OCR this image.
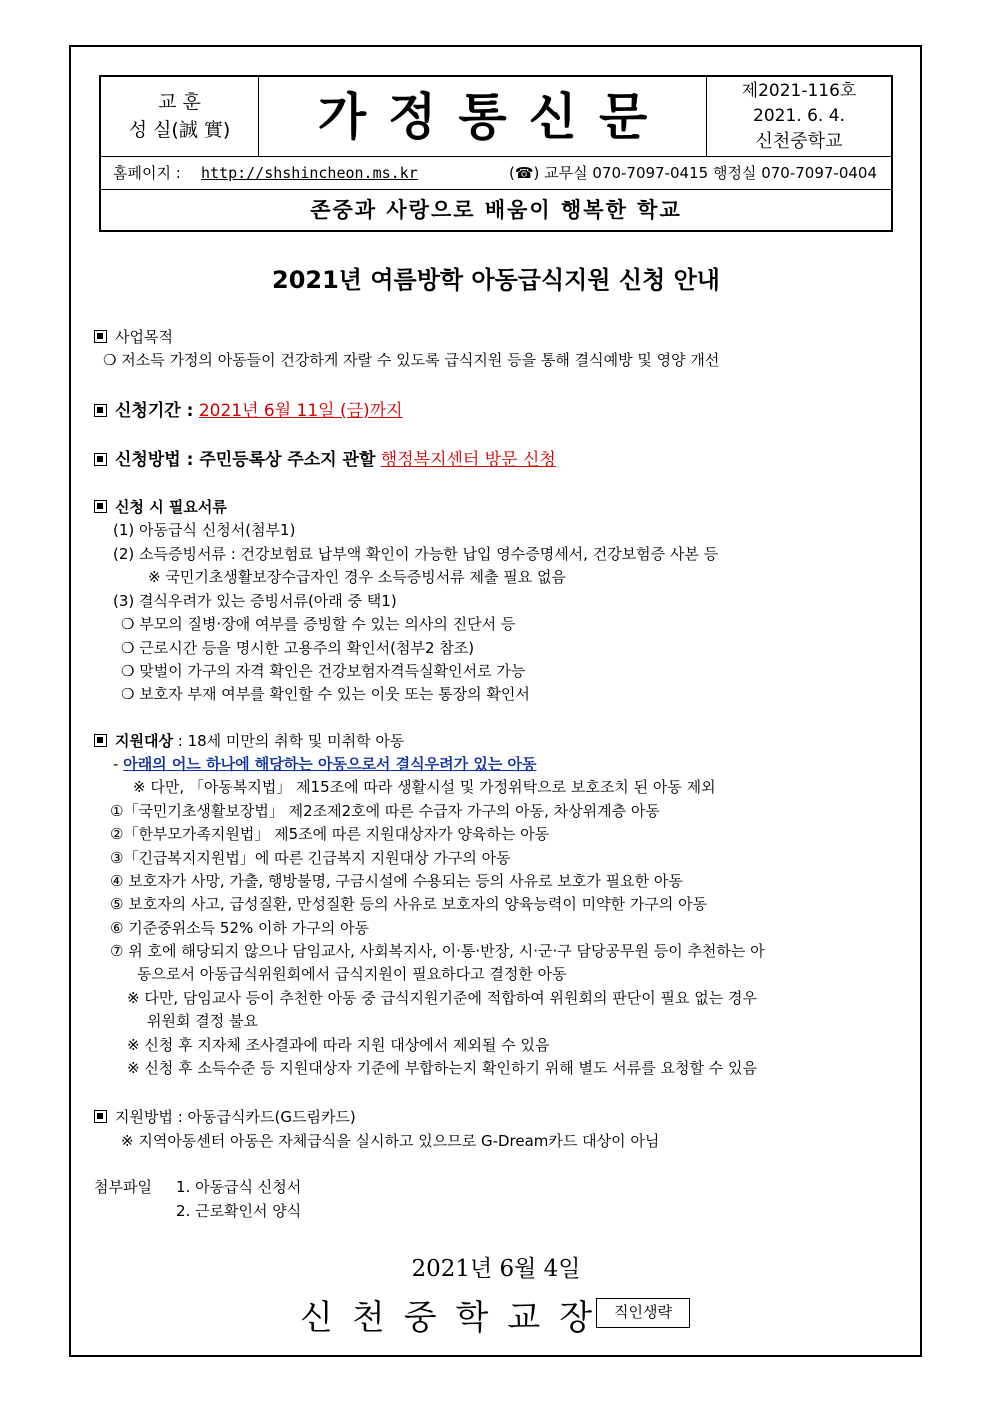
교 훈
성 실(誠 實)	가정통신문	제2021-116호
2021. 6. 4.
신천중학교
홈페이지 : http://shshincheon.ms.kr	(☎) 교무실 070-7097-0415 행정실 070-7097-0404
존중과 사랑으로 배움이 행복한 학교
2021년 여름방학 아동급식지원 신청 안내
사업목적
❍ 저소득 가정의 아동들이 건강하게 자랄 수 있도록 급식지원 등을 통해 결식예방 및 영양 개선
신청기간 : 2021년 6월 11일 (금)까지
신청방법 : 주민등록상 주소지 관할 행정복지센터 방문 신청
신청 시 필요서류
(1) 아동급식 신청서(첨부1)
(2) 소득증빙서류 : 건강보험료 납부액 확인이 가능한 납입 영수증명세서, 건강보험증 사본 등
※ 국민기초생활보장수급자인 경우 소득증빙서류 제출 필요 없음
(3) 결식우려가 있는 증빙서류(아래 중 택1)
❍ 부모의 질병·장애 여부를 증빙할 수 있는 의사의 진단서 등
❍ 근로시간 등을 명시한 고용주의 확인서(첨부2 참조)
❍ 맞벌이 가구의 자격 확인은 건강보험자격득실확인서로 가능
❍ 보호자 부재 여부를 확인할 수 있는 이웃 또는 통장의 확인서
지원대상 : 18세 미만의 취학 및 미취학 아동
- 아래의 어느 하나에 해당하는 아동으로서 결식우려가 있는 아동
※ 다만, 「아동복지법」 제15조에 따라 생활시설 및 가정위탁으로 보호조치 된 아동 제외
①「국민기초생활보장법」 제2조제2호에 따른 수급자 가구의 아동, 차상위계층 아동
②「한부모가족지원법」 제5조에 따른 지원대상자가 양육하는 아동
③「긴급복지지원법」에 따른 긴급복지 지원대상 가구의 아동
④ 보호자가 사망, 가출, 행방불명, 구금시설에 수용되는 등의 사유로 보호가 필요한 아동
⑤ 보호자의 사고, 급성질환, 만성질환 등의 사유로 보호자의 양육능력이 미약한 가구의 아동
⑥ 기준중위소득 52% 이하 가구의 아동
⑦ 위 호에 해당되지 않으나 담임교사, 사회복지사, 이·통·반장, 시·군·구 담당공무원 등이 추천하는 아
동으로서 아동급식위원회에서 급식지원이 필요하다고 결정한 아동
※ 다만, 담임교사 등이 추천한 아동 중 급식지원기준에 적합하여 위원회의 판단이 필요 없는 경우
위원회 결정 불요
※ 신청 후 지자체 조사결과에 따라 지원 대상에서 제외될 수 있음
※ 신청 후 소득수준 등 지원대상자 기준에 부합하는지 확인하기 위해 별도 서류를 요청할 수 있음
지원방법 : 아동급식카드(G드림카드)
※ 지역아동센터 아동은 자체급식을 실시하고 있으므로 G-Dream카드 대상이 아님
첨부파일 1. 아동급식 신청서
2. 근로확인서 양식
2021년 6월 4일
신천중학교장 직인생략
